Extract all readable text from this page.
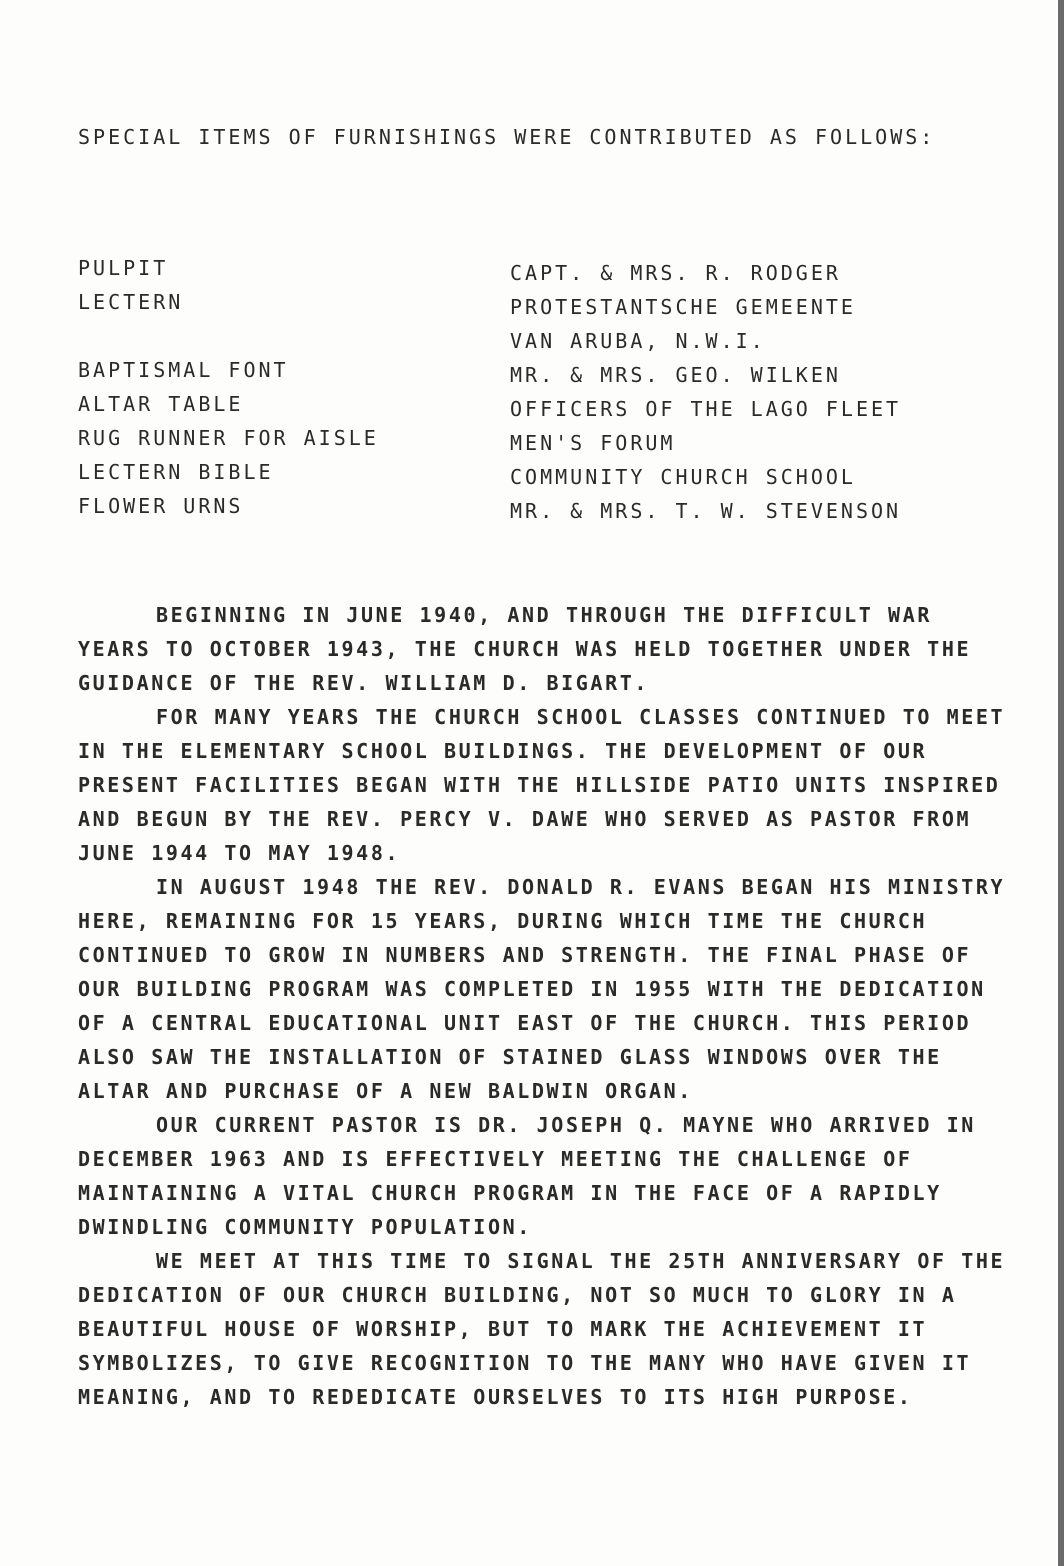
SPECIAL ITEMS OF FURNISHINGS WERE CONTRIBUTED AS FOLLOWS:

PULPIT	CAPT. & MRS. R. RODGER
LECTERN	PROTESTANTSCHE GEMEENTE
VAN ARUBA, N.W.I.
BAPTISMAL FONT	MR. & MRS. GEO. WILKEN
ALTAR TABLE	OFFICERS OF THE LAGO FLEET
RUG RUNNER FOR AISLE	MEN'S FORUM
LECTERN BIBLE	COMMUNITY CHURCH SCHOOL
FLOWER URNS	MR. & MRS. T. W. STEVENSON

BEGINNING IN JUNE 1940, AND THROUGH THE DIFFICULT WAR YEARS TO OCTOBER 1943, THE CHURCH WAS HELD TOGETHER UNDER THE GUIDANCE OF THE REV. WILLIAM D. BIGART.

FOR MANY YEARS THE CHURCH SCHOOL CLASSES CONTINUED TO MEET IN THE ELEMENTARY SCHOOL BUILDINGS. THE DEVELOPMENT OF OUR PRESENT FACILITIES BEGAN WITH THE HILLSIDE PATIO UNITS INSPIRED AND BEGUN BY THE REV. PERCY V. DAWE WHO SERVED AS PASTOR FROM JUNE 1944 TO MAY 1948.

IN AUGUST 1948 THE REV. DONALD R. EVANS BEGAN HIS MINISTRY HERE, REMAINING FOR 15 YEARS, DURING WHICH TIME THE CHURCH CONTINUED TO GROW IN NUMBERS AND STRENGTH. THE FINAL PHASE OF OUR BUILDING PROGRAM WAS COMPLETED IN 1955 WITH THE DEDICATION OF A CENTRAL EDUCATIONAL UNIT EAST OF THE CHURCH. THIS PERIOD ALSO SAW THE INSTALLATION OF STAINED GLASS WINDOWS OVER THE ALTAR AND PURCHASE OF A NEW BALDWIN ORGAN.

OUR CURRENT PASTOR IS DR. JOSEPH Q. MAYNE WHO ARRIVED IN DECEMBER 1963 AND IS EFFECTIVELY MEETING THE CHALLENGE OF MAINTAINING A VITAL CHURCH PROGRAM IN THE FACE OF A RAPIDLY DWINDLING COMMUNITY POPULATION.

WE MEET AT THIS TIME TO SIGNAL THE 25TH ANNIVERSARY OF THE DEDICATION OF OUR CHURCH BUILDING, NOT SO MUCH TO GLORY IN A BEAUTIFUL HOUSE OF WORSHIP, BUT TO MARK THE ACHIEVEMENT IT SYMBOLIZES, TO GIVE RECOGNITION TO THE MANY WHO HAVE GIVEN IT MEANING, AND TO REDEDICATE OURSELVES TO ITS HIGH PURPOSE.
